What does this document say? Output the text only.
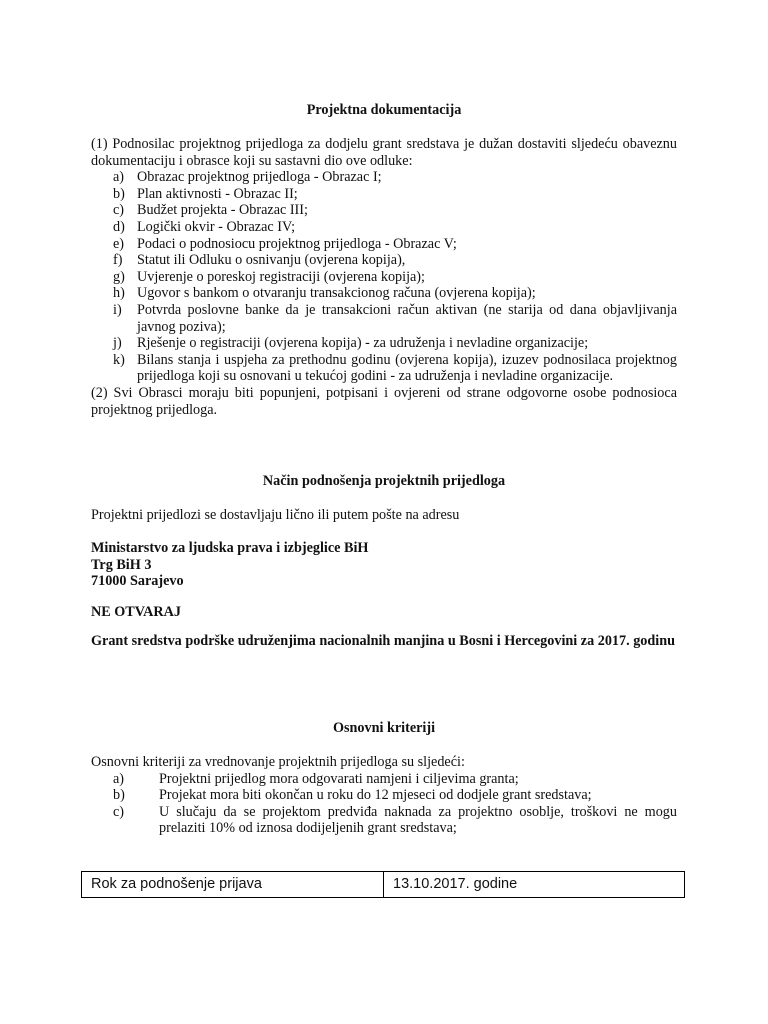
Projektna dokumentacija
(1) Podnosilac projektnog prijedloga za dodjelu grant sredstava je dužan dostaviti sljedeću obaveznu dokumentaciju i obrasce koji su sastavni dio ove odluke:
a) Obrazac projektnog prijedloga - Obrazac I;
b) Plan aktivnosti - Obrazac II;
c) Budžet projekta - Obrazac III;
d) Logički okvir - Obrazac IV;
e) Podaci o podnosiocu projektnog prijedloga - Obrazac V;
f) Statut ili Odluku o osnivanju (ovjerena kopija),
g) Uvjerenje o poreskoj registraciji (ovjerena kopija);
h) Ugovor s bankom o otvaranju transakcionog računa (ovjerena kopija);
i) Potvrda poslovne banke da je transakcioni račun aktivan (ne starija od dana objavljivanja javnog poziva);
j) Rješenje o registraciji (ovjerena kopija) - za udruženja i nevladine organizacije;
k) Bilans stanja i uspjeha za prethodnu godinu (ovjerena kopija), izuzev podnosilaca projektnog prijedloga koji su osnovani u tekućoj godini - za udruženja i nevladine organizacije.
(2) Svi Obrasci moraju biti popunjeni, potpisani i ovjereni od strane odgovorne osobe podnosioca projektnog prijedloga.
Način podnošenja projektnih prijedloga
Projektni prijedlozi se dostavljaju lično ili putem pošte na adresu
Ministarstvo za ljudska prava i izbjeglice BiH
Trg BiH 3
71000 Sarajevo
NE OTVARAJ
Grant sredstva podrške udruženjima nacionalnih manjina u Bosni i Hercegovini za 2017. godinu
Osnovni kriteriji
Osnovni kriteriji za vrednovanje projektnih prijedloga su sljedeći:
a) Projektni prijedlog mora odgovarati namjeni i ciljevima granta;
b) Projekat mora biti okončan u roku do 12 mjeseci od dodjele grant sredstava;
c) U slučaju da se projektom predviđa naknada za projektno osoblje, troškovi ne mogu prelaziti 10% od iznosa dodijeljenih grant sredstava;
Rok za podnošenje prijava	13.10.2017. godine
